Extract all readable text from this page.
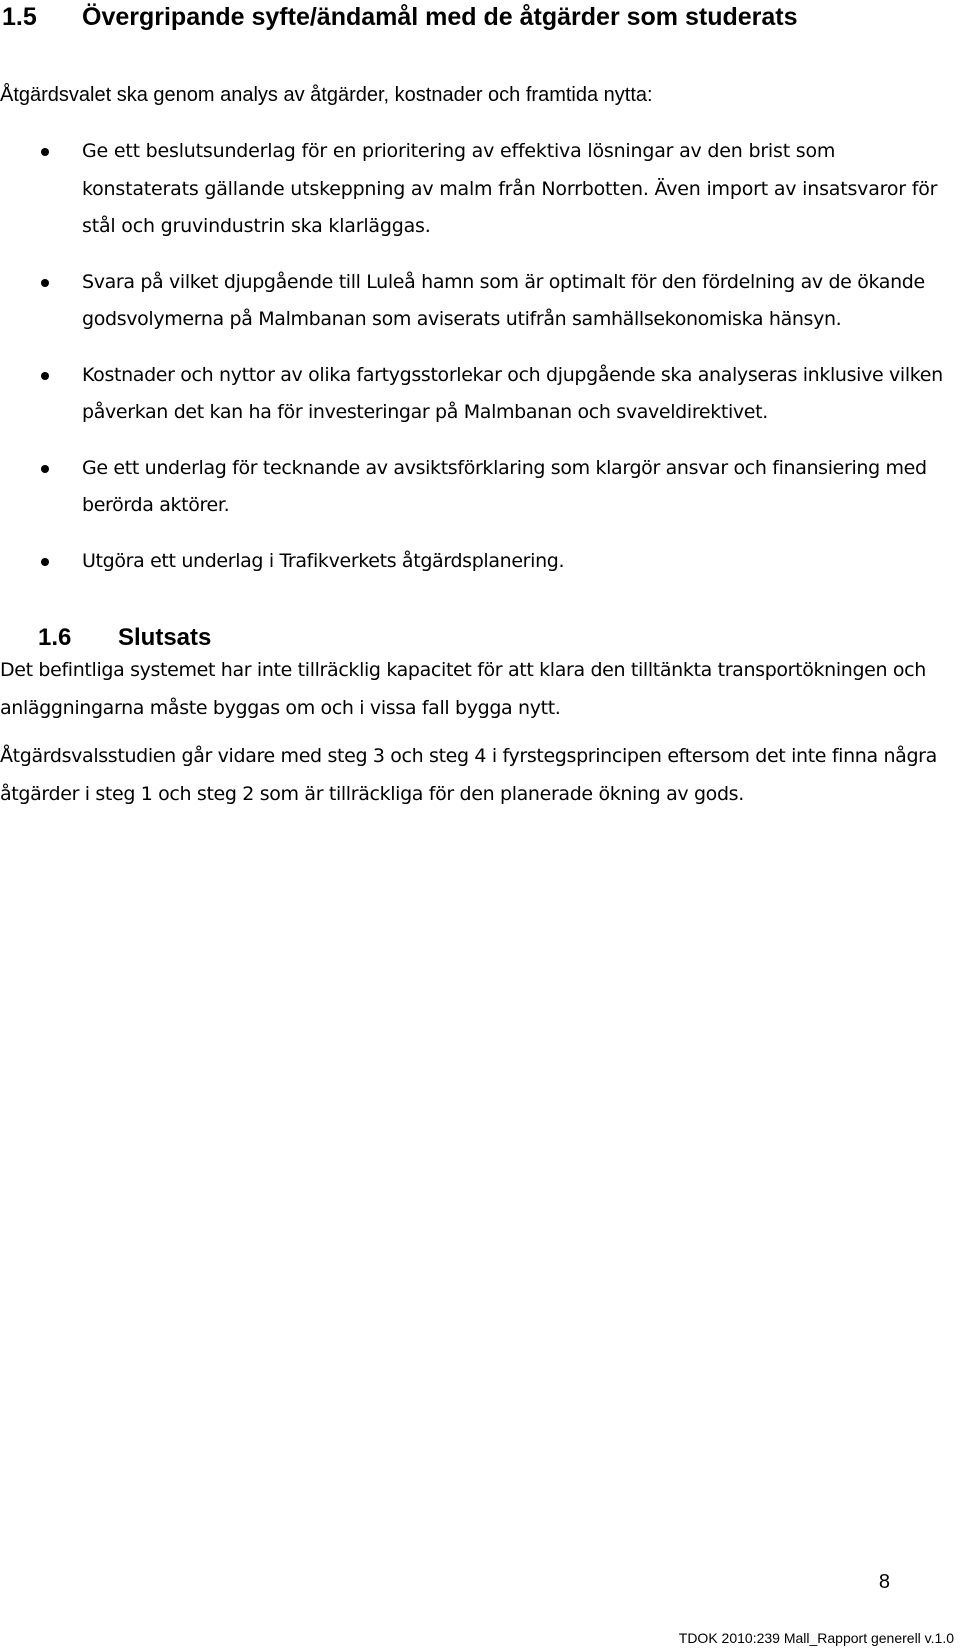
1.5 Övergripande syfte/ändamål med de åtgärder som studerats
Åtgärdsvalet ska genom analys av åtgärder, kostnader och framtida nytta:
Ge ett beslutsunderlag för en prioritering av effektiva lösningar av den brist som konstaterats gällande utskeppning av malm från Norrbotten. Även import av insatsvaror för stål och gruvindustrin ska klarläggas.
Svara på vilket djupgående till Luleå hamn som är optimalt för den fördelning av de ökande godsvolymerna på Malmbanan som aviserats utifrån samhällsekonomiska hänsyn.
Kostnader och nyttor av olika fartygsstorlekar och djupgående ska analyseras inklusive vilken påverkan det kan ha för investeringar på Malmbanan och svaveldirektivet.
Ge ett underlag för tecknande av avsiktsförklaring som klargör ansvar och finansiering med berörda aktörer.
Utgöra ett underlag i Trafikverkets åtgärdsplanering.
1.6 Slutsats

Det befintliga systemet har inte tillräcklig kapacitet för att klara den tilltänkta transportökningen och anläggningarna måste byggas om och i vissa fall bygga nytt.

Åtgärdsvalsstudien går vidare med steg 3 och steg 4 i fyrstegsprincipen eftersom det inte finna några åtgärder i steg 1 och steg 2 som är tillräckliga för den planerade ökning av gods.

8
TDOK 2010:239 Mall_Rapport generell v.1.0
